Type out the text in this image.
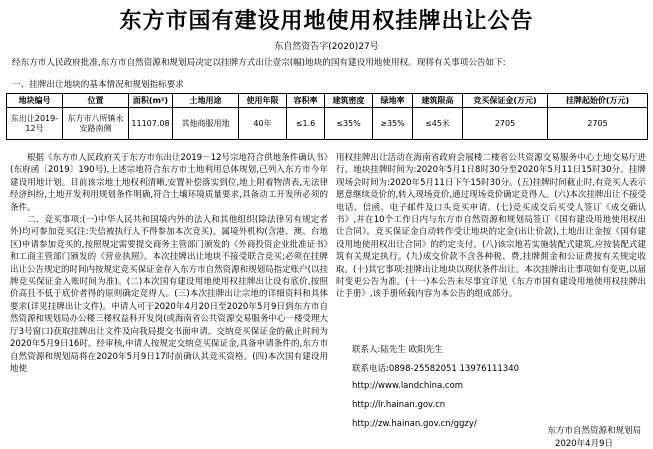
东方市国有建设用地使用权挂牌出让公告
东自然资告字(2020)27号
经东方市人民政府批准,东方市自然资源和规划局决定以挂牌方式出让壹宗(幅)地块的国有建设用地使用权。现将有关事项公告如下:
一、挂牌出让地块的基本情况和规划指标要求
地块编号	位置	面积(m²)	土地用途	使用年限	容积率	建筑密度	绿地率	建筑限高	竞买保证金(万元)	挂牌起始价(万元)
东出让2019-12号	东方市八所镇永安路南侧	11107.08	其他商服用地	40年	≤1.6	≤35%	≥35%	≤45米	2705	2705

根据《东方市人民政府关于东方市东出让2019－12号宗地符合供地条件确认书》(东府函〔2019〕190号),上述宗地符合东方市土地利用总体规划,已列入东方市今年建设用地计划。目前该宗地土地权利清晰,安置补偿落实到位,地上附着物清表,无法律经济纠纷,土地开发利用规划条件明确,符合土壤环境质量要求,具备动工开发所必须的条件。

二、竞买事项:(一)中华人民共和国境内外的法人和其他组织(除法律另有规定者外)均可参加竞买(注:失信被执行人不得参加本次竞买)。属境外机构(含港、澳、台地区)申请参加竞买的,按照规定需要提交商务主管部门颁发的《外商投资企业批准证书》和工商主管部门颁发的《营业执照》。本次挂牌出让地块不接受联合竞买;必须在挂牌出让公告规定的时间内按规定竞买保证金存入东方市自然资源和规划局指定账户(以挂牌竞买保证金入账时间为准)。(二)本次国有建设用地使用权挂牌出让设有底价,按照价高且不低于底价者得的原则确定竞得人。(三)本次挂牌出让宗地的详细资料和具体要求(详见挂牌出让文件)。申请人可于2020年4月20日至2020年5月9日到东方市自然资源和规划局办公楼三楼权益科开发岗(或海南省公共资源交易服务中心一楼受理大厅3号窗口)获取挂牌出让文件及向我局提交书面申请。交纳竞买保证金的截止时间为2020年5月9日16时。经审核,申请人按规定交纳竞买保证金,具备申请条件的,东方市自然资源和规划局将在2020年5月9日17时前确认其竞买资格。(四)本次国有建设用地使

用权挂牌出让活动在海南省政府会展楼二楼省公共资源交易服务中心土地交易厅进行。地块挂牌时间为:2020年5月1日8时30分至2020年5月11日15时30分。挂牌现场会时间为:2020年5月11日下午15时30分。(五)挂牌时间截止时,有竞买人表示愿意继续竞价的,转入现场竞价,通过现场竞价确定竞得人。(六)本次挂牌出让不接受电话、信函、电子邮件及口头竞买申请。(七)竞买成交后买受人签订《成交确认书》,并在10个工作日内与东方市自然资源和规划局签订《国有建设用地使用权出让合同》。竞买保证金自动转作受让地块的定金(出让价款),土地出让金按《国有建设用地使用权出让合同》的约定支付。(八)该宗地若实施装配式建筑,应按装配式建筑有关规定执行。(九)成交价款不含各种税、费,挂牌佣金和公证费按有关规定收取。(十)其它事项:挂牌出让地块以现状条件出让。本次挂牌出让事项如有变更,以届时变更公告为准。(十一)本公告未尽事宜详见《东方市国有建设用地使用权挂牌出让手册》,该手册所载内容为本公告的组成部分。

联系人:陆先生 欧阳先生
联系电话:0898-25582051 13976111340
http://www.landchina.com
http://lr.hainan.gov.cn
http://zw.hainan.gov.cn/ggzy/
东方市自然资源和规划局
2020年4月9日
